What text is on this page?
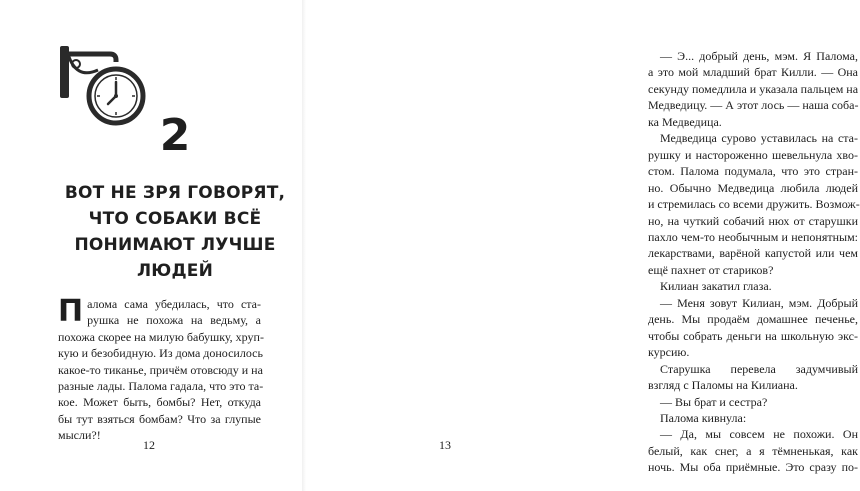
2
ВОТ НЕ ЗРЯ ГОВОРЯТ,
ЧТО СОБАКИ ВСЁ
ПОНИМАЮТ ЛУЧШЕ
ЛЮДЕЙ
П алома сама убедилась, что ста-
рушка не похожа на ведьму, а
похожа скорее на милую бабушку, хруп-
кую и безобидную. Из дома доносилось
какое-то тиканье, причём отовсюду и на
разные лады. Палома гадала, что это та-
кое. Может быть, бомбы? Нет, откуда
бы тут взяться бомбам? Что за глупые
мысли?!
12
— Э... добрый день, мэм. Я Палома,
а это мой младший брат Килли. — Она
секунду помедлила и указала пальцем на
Медведицу. — А этот лось — наша соба-
ка Медведица.
Медведица сурово уставилась на ста-
рушку и настороженно шевельнула хво-
стом. Палома подумала, что это стран-
но. Обычно Медведица любила людей
и стремилась со всеми дружить. Возмож-
но, на чуткий собачий нюх от старушки
пахло чем-то необычным и непонятным:
лекарствами, варёной капустой или чем
ещё пахнет от стариков?
Килиан закатил глаза.
— Меня зовут Килиан, мэм. Добрый
день. Мы продаём домашнее печенье,
чтобы собрать деньги на школьную экс-
курсию.
Старушка перевела задумчивый
взгляд с Паломы на Килиана.
— Вы брат и сестра?
Палома кивнула:
— Да, мы совсем не похожи. Он
белый, как снег, а я тёмненькая, как
ночь. Мы оба приёмные. Это сразу по-
13
